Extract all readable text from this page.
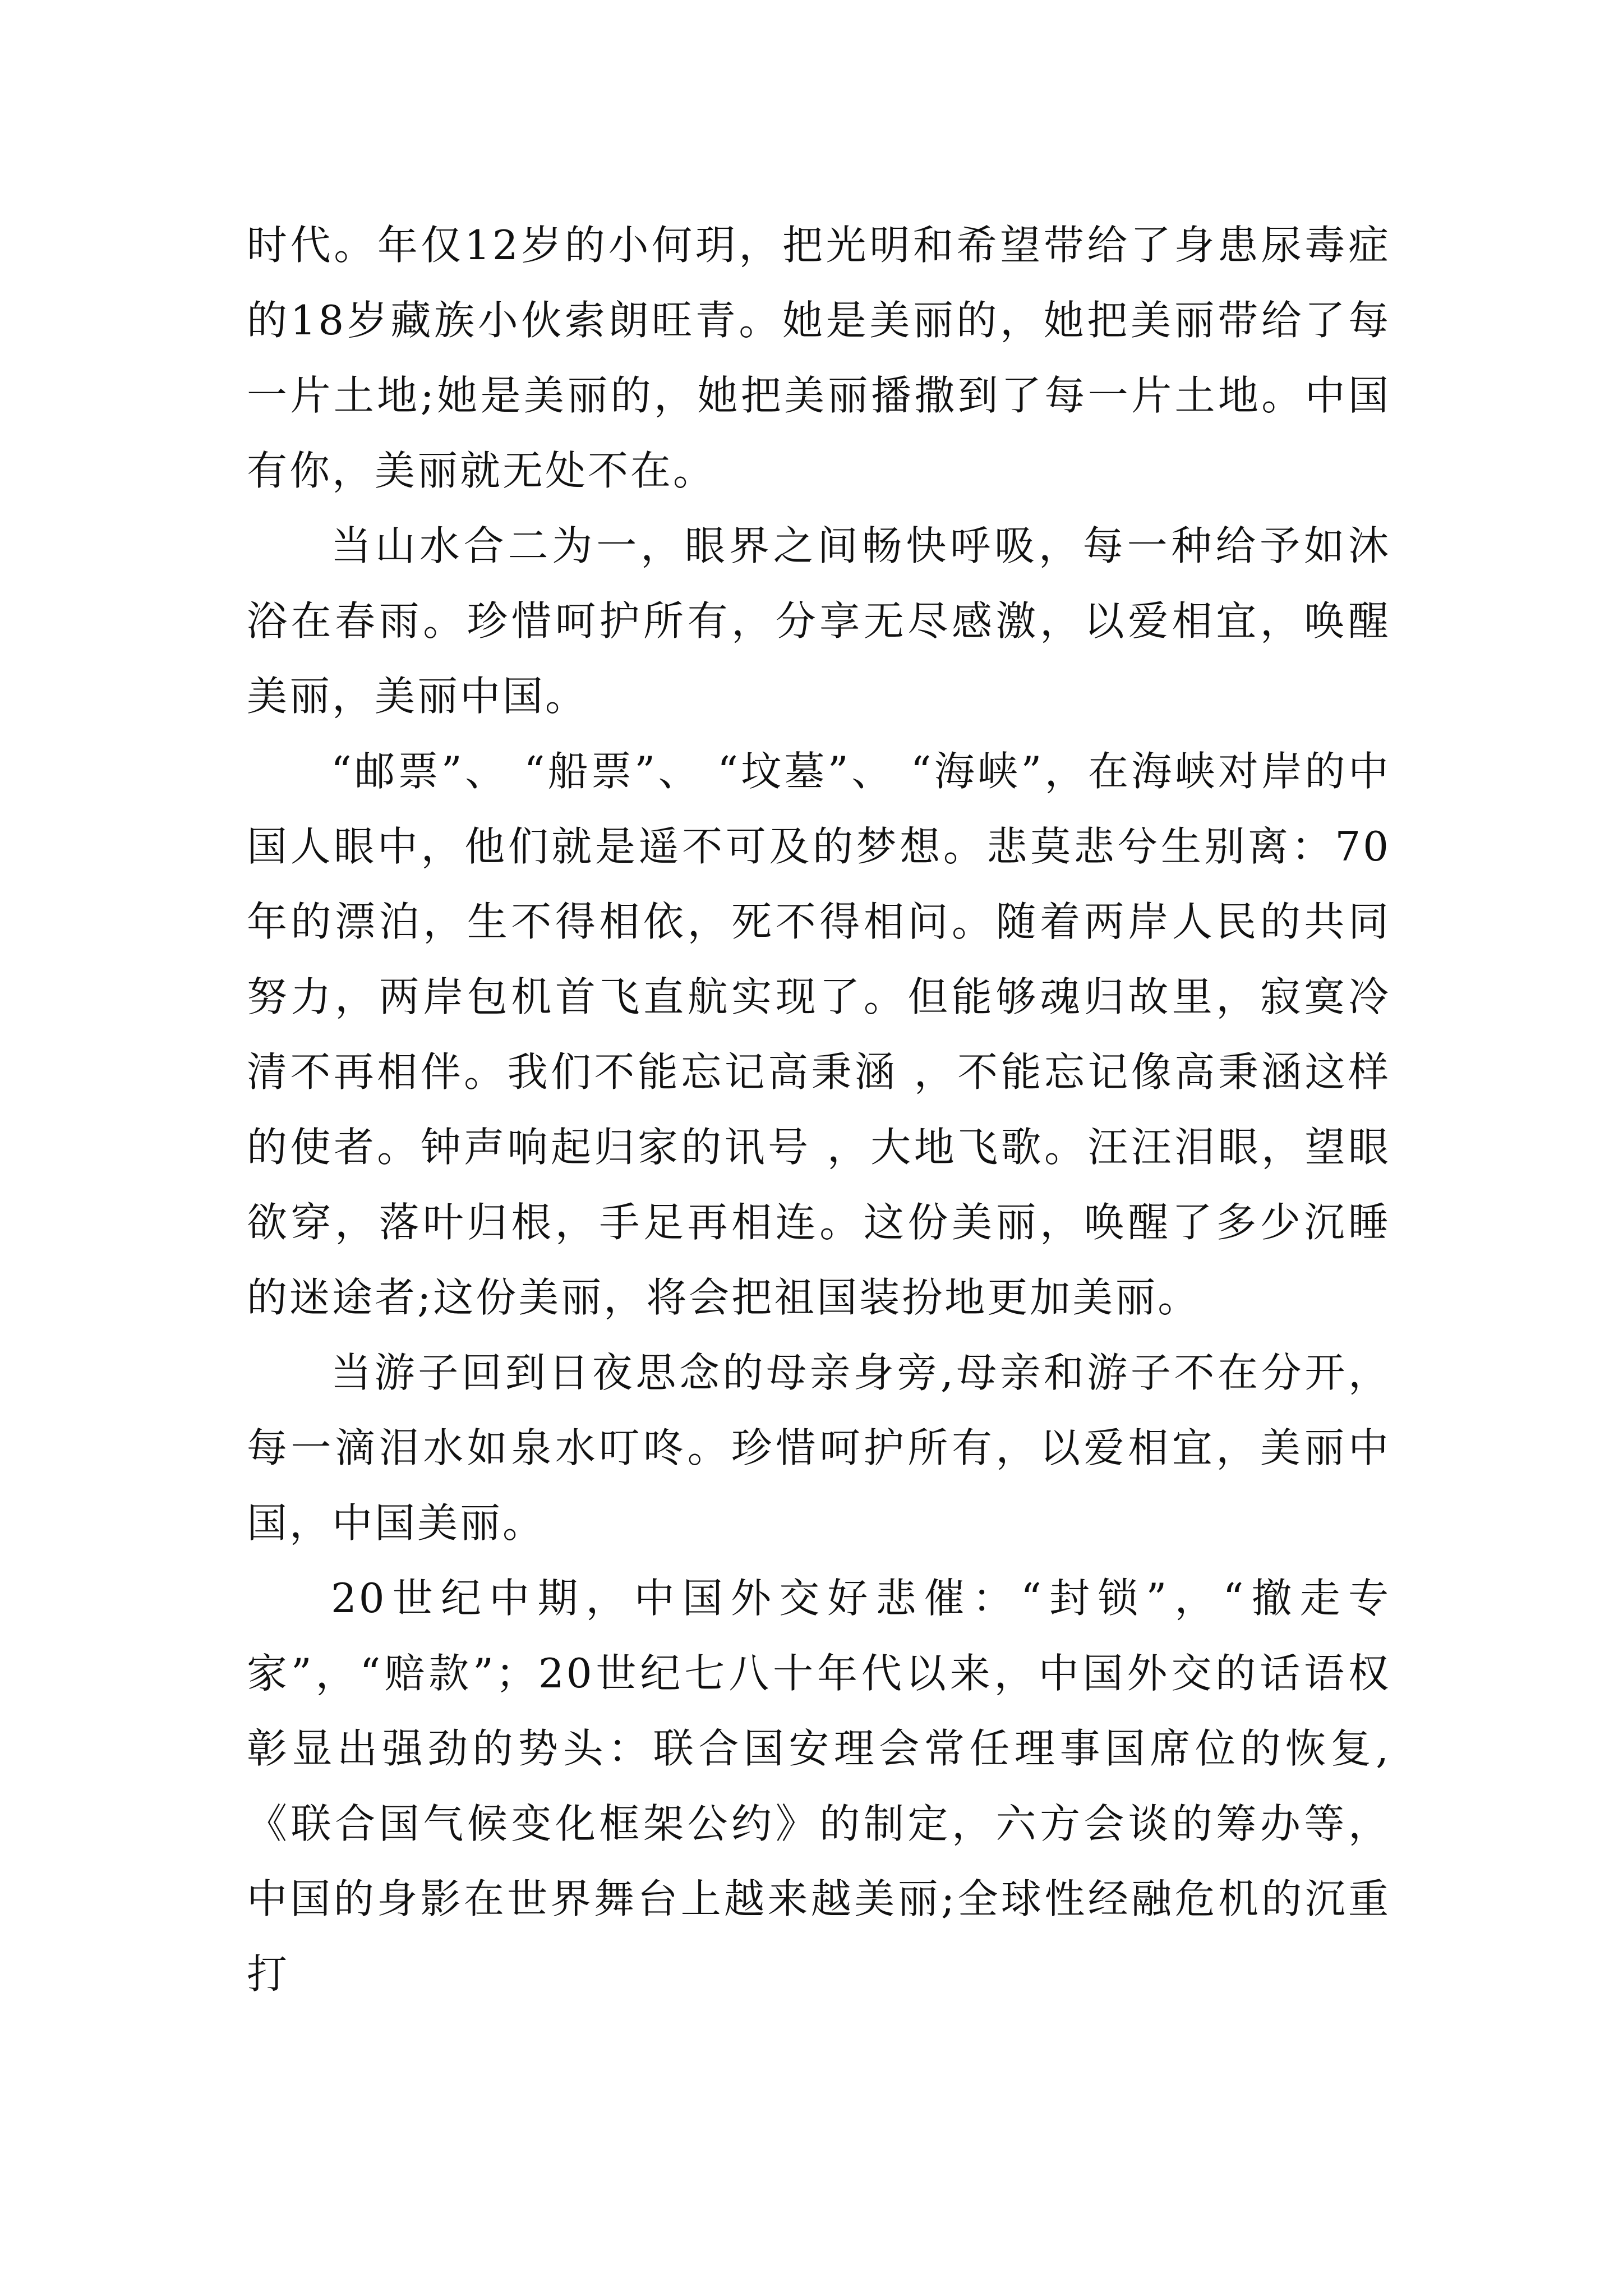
时代。年仅12岁的小何玥，把光明和希望带给了身患尿毒症的18岁藏族小伙索朗旺青。她是美丽的，她把美丽带给了每一片土地;她是美丽的，她把美丽播撒到了每一片土地。中国有你，美丽就无处不在。

当山水合二为一，眼界之间畅快呼吸，每一种给予如沐浴在春雨。珍惜呵护所有，分享无尽感激，以爱相宜，唤醒美丽，美丽中国。

“邮票”、 “船票”、 “坟墓”、 “海峡”，在海峡对岸的中国人眼中，他们就是遥不可及的梦想。悲莫悲兮生别离：70年的漂泊，生不得相依，死不得相问。随着两岸人民的共同努力，两岸包机首飞直航实现了。但能够魂归故里，寂寞冷清不再相伴。我们不能忘记高秉涵 ，不能忘记像高秉涵这样的使者。钟声响起归家的讯号 ，大地飞歌。汪汪泪眼，望眼欲穿，落叶归根，手足再相连。这份美丽，唤醒了多少沉睡的迷途者;这份美丽，将会把祖国装扮地更加美丽。

当游子回到日夜思念的母亲身旁,母亲和游子不在分开，每一滴泪水如泉水叮咚。珍惜呵护所有，以爱相宜，美丽中国，中国美丽。

20世纪中期，中国外交好悲催：“封锁”，“撤走专家”，“赔款”；20世纪七八十年代以来，中国外交的话语权彰显出强劲的势头：联合国安理会常任理事国席位的恢复,《联合国气候变化框架公约》的制定，六方会谈的筹办等，中国的身影在世界舞台上越来越美丽;全球性经融危机的沉重打
